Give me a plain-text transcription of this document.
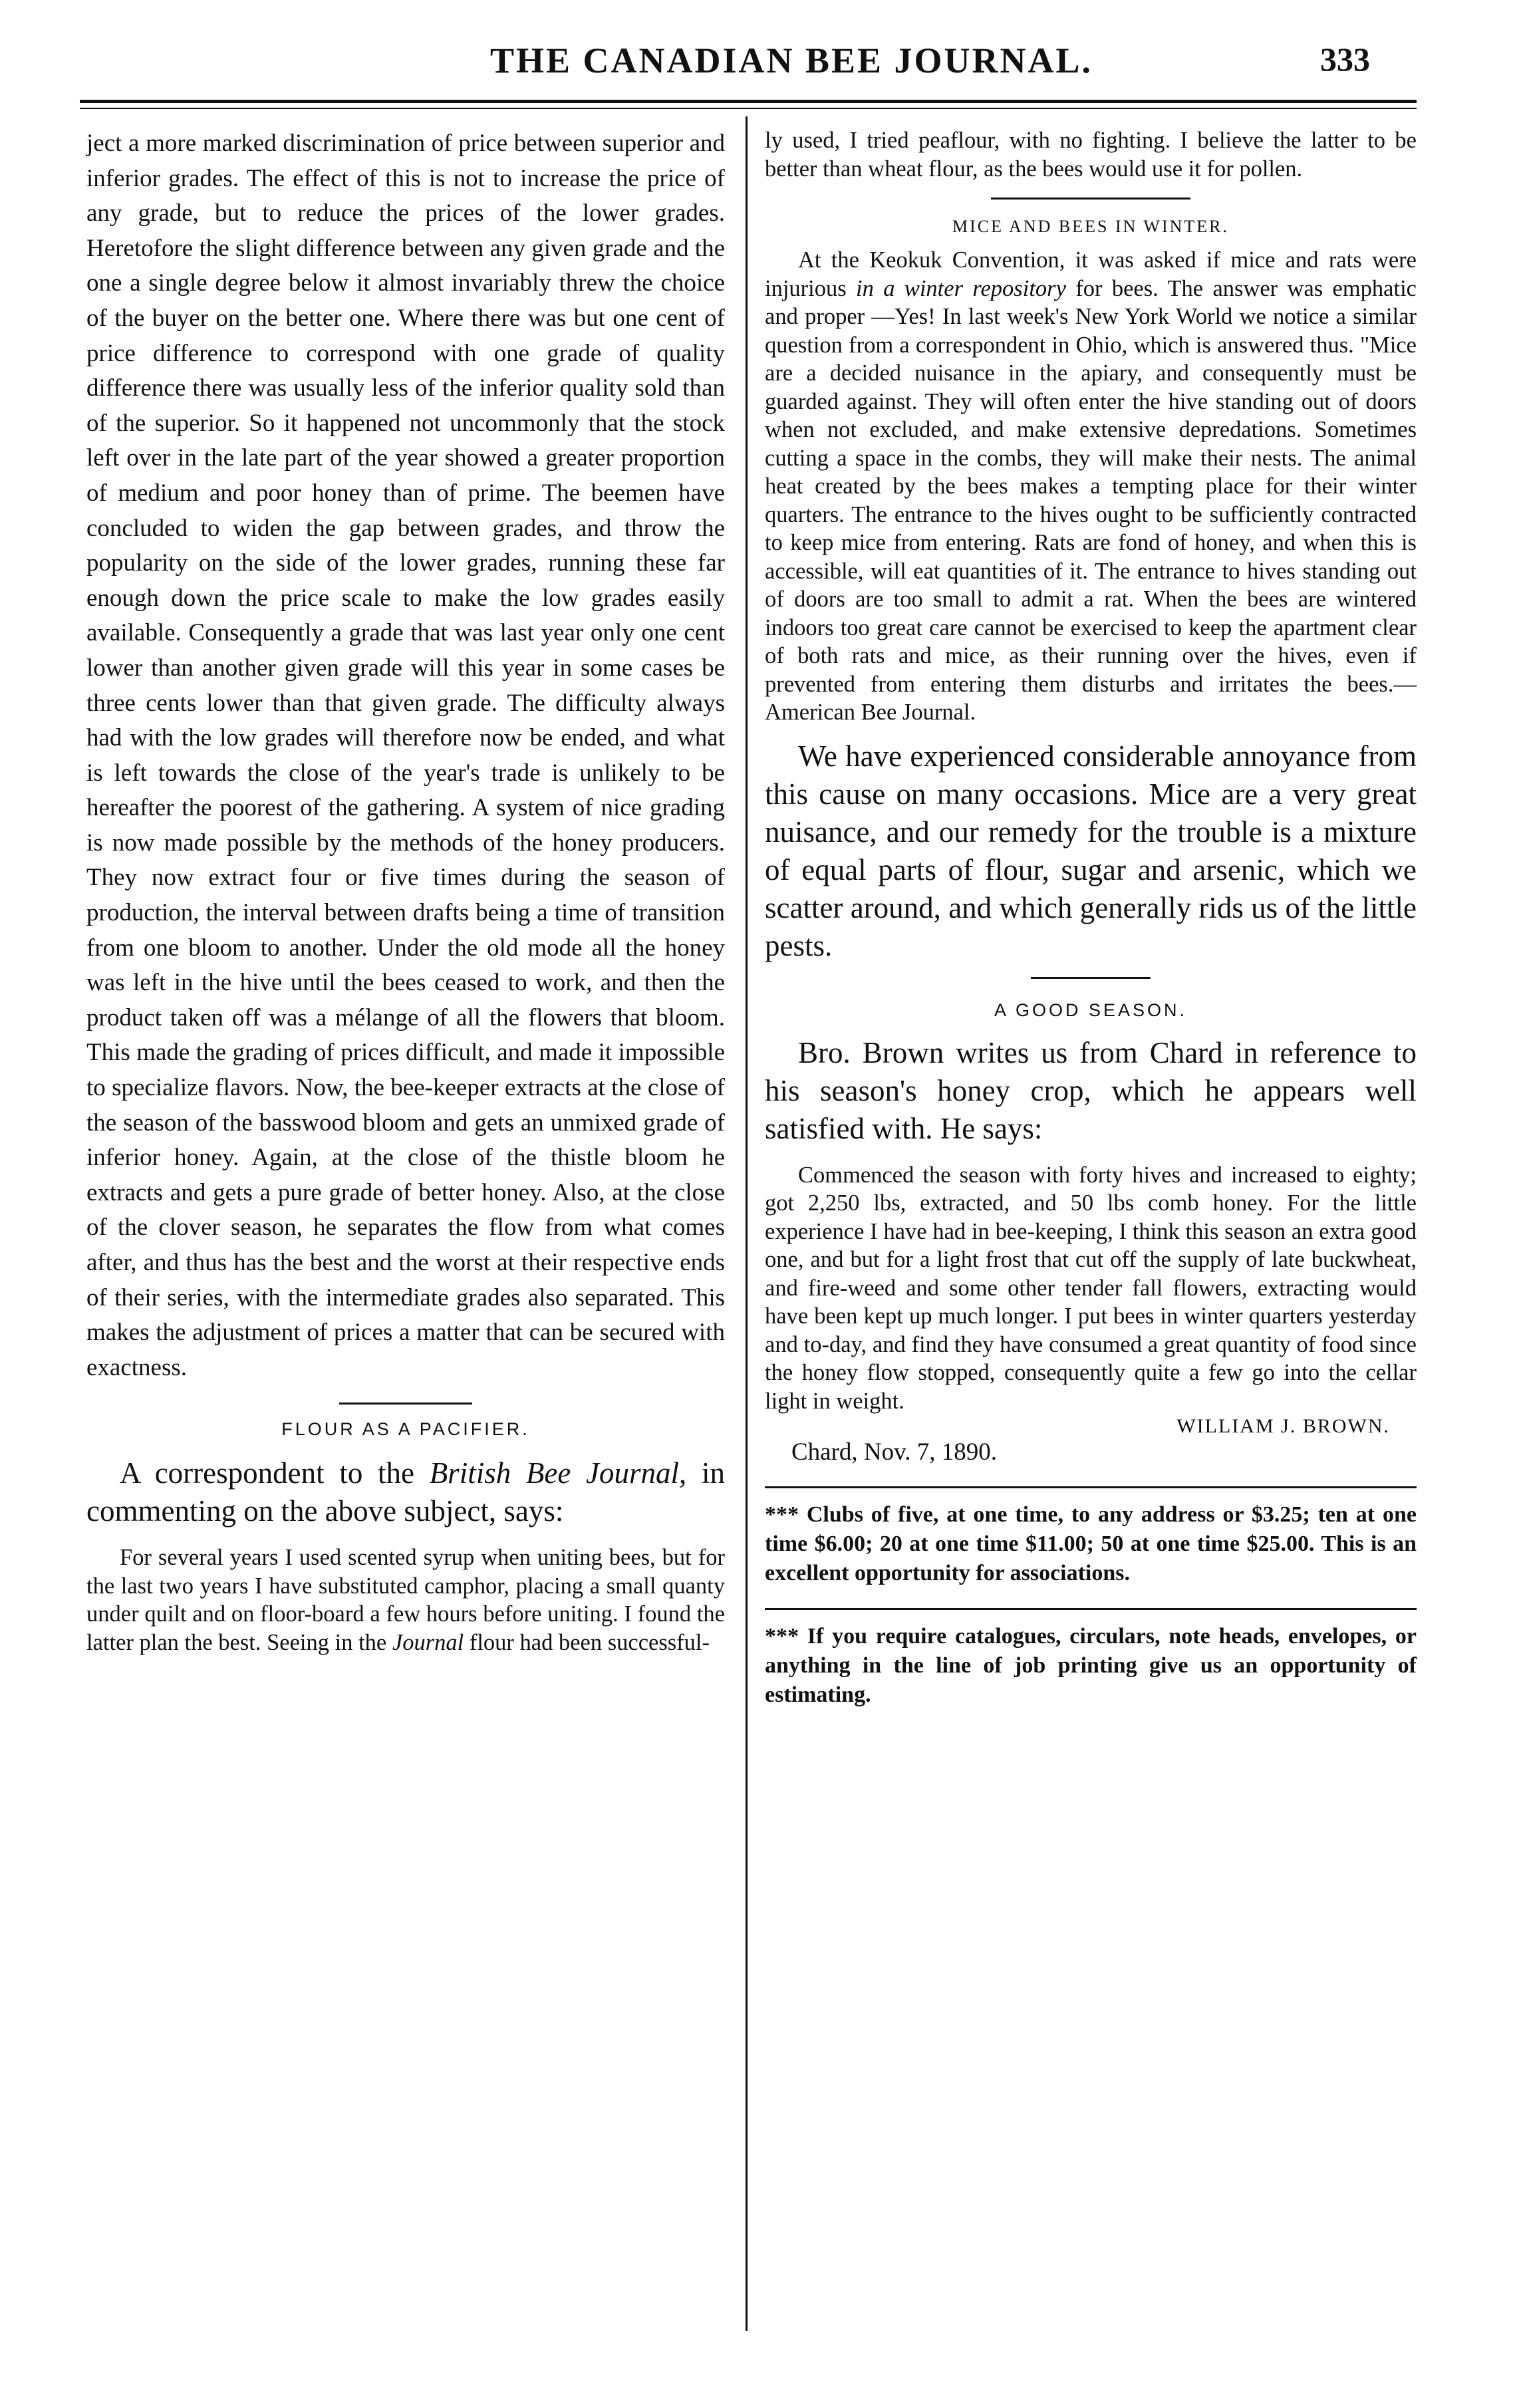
THE CANADIAN BEE JOURNAL.	333

ject a more marked discrimination of price between superior and inferior grades. The effect of this is not to increase the price of any grade, but to reduce the prices of the lower grades. Heretofore the slight difference between any given grade and the one a single degree below it almost invariably threw the choice of the buyer on the better one. Where there was but one cent of price difference to correspond with one grade of quality difference there was usually less of the inferior quality sold than of the superior. So it happened not uncommonly that the stock left over in the late part of the year showed a greater proportion of medium and poor honey than of prime. The beemen have concluded to widen the gap between grades, and throw the popularity on the side of the lower grades, running these far enough down the price scale to make the low grades easily available. Consequently a grade that was last year only one cent lower than another given grade will this year in some cases be three cents lower than that given grade. The difficulty always had with the low grades will therefore now be ended, and what is left towards the close of the year's trade is unlikely to be hereafter the poorest of the gathering. A system of nice grading is now made possible by the methods of the honey producers. They now extract four or five times during the season of production, the interval between drafts being a time of transition from one bloom to another. Under the old mode all the honey was left in the hive until the bees ceased to work, and then the product taken off was a mélange of all the flowers that bloom. This made the grading of prices difficult, and made it impossible to specialize flavors. Now, the bee-keeper extracts at the close of the season of the basswood bloom and gets an unmixed grade of inferior honey. Again, at the close of the thistle bloom he extracts and gets a pure grade of better honey. Also, at the close of the clover season, he separates the flow from what comes after, and thus has the best and the worst at their respective ends of their series, with the intermediate grades also separated. This makes the adjustment of prices a matter that can be secured with exactness.

FLOUR AS A PACIFIER.

A correspondent to the British Bee Journal, in commenting on the above subject, says:

For several years I used scented syrup when uniting bees, but for the last two years I have substituted camphor, placing a small quanty under quilt and on floor-board a few hours before uniting. I found the latter plan the best. Seeing in the Journal flour had been successful-

ly used, I tried peaflour, with no fighting. I believe the latter to be better than wheat flour, as the bees would use it for pollen.

MICE AND BEES IN WINTER.

At the Keokuk Convention, it was asked if mice and rats were injurious in a winter repository for bees. The answer was emphatic and proper —Yes! In last week's New York World we notice a similar question from a correspondent in Ohio, which is answered thus. "Mice are a decided nuisance in the apiary, and consequently must be guarded against. They will often enter the hive standing out of doors when not excluded, and make extensive depredations. Sometimes cutting a space in the combs, they will make their nests. The animal heat created by the bees makes a tempting place for their winter quarters. The entrance to the hives ought to be sufficiently contracted to keep mice from entering. Rats are fond of honey, and when this is accessible, will eat quantities of it. The entrance to hives standing out of doors are too small to admit a rat. When the bees are wintered indoors too great care cannot be exercised to keep the apartment clear of both rats and mice, as their running over the hives, even if prevented from entering them disturbs and irritates the bees.—American Bee Journal.

We have experienced considerable annoyance from this cause on many occasions. Mice are a very great nuisance, and our remedy for the trouble is a mixture of equal parts of flour, sugar and arsenic, which we scatter around, and which generally rids us of the little pests.

A GOOD SEASON.

Bro. Brown writes us from Chard in reference to his season's honey crop, which he appears well satisfied with. He says:

Commenced the season with forty hives and increased to eighty; got 2,250 lbs, extracted, and 50 lbs comb honey. For the little experience I have had in bee-keeping, I think this season an extra good one, and but for a light frost that cut off the supply of late buckwheat, and fire-weed and some other tender fall flowers, extracting would have been kept up much longer. I put bees in winter quarters yesterday and to-day, and find they have consumed a great quantity of food since the honey flow stopped, consequently quite a few go into the cellar light in weight.

WILLIAM J. BROWN.

Chard, Nov. 7, 1890.

*** Clubs of five, at one time, to any address or $3.25; ten at one time $6.00; 20 at one time $11.00; 50 at one time $25.00. This is an excellent opportunity for associations.

*** If you require catalogues, circulars, note heads, envelopes, or anything in the line of job printing give us an opportunity of estimating.
